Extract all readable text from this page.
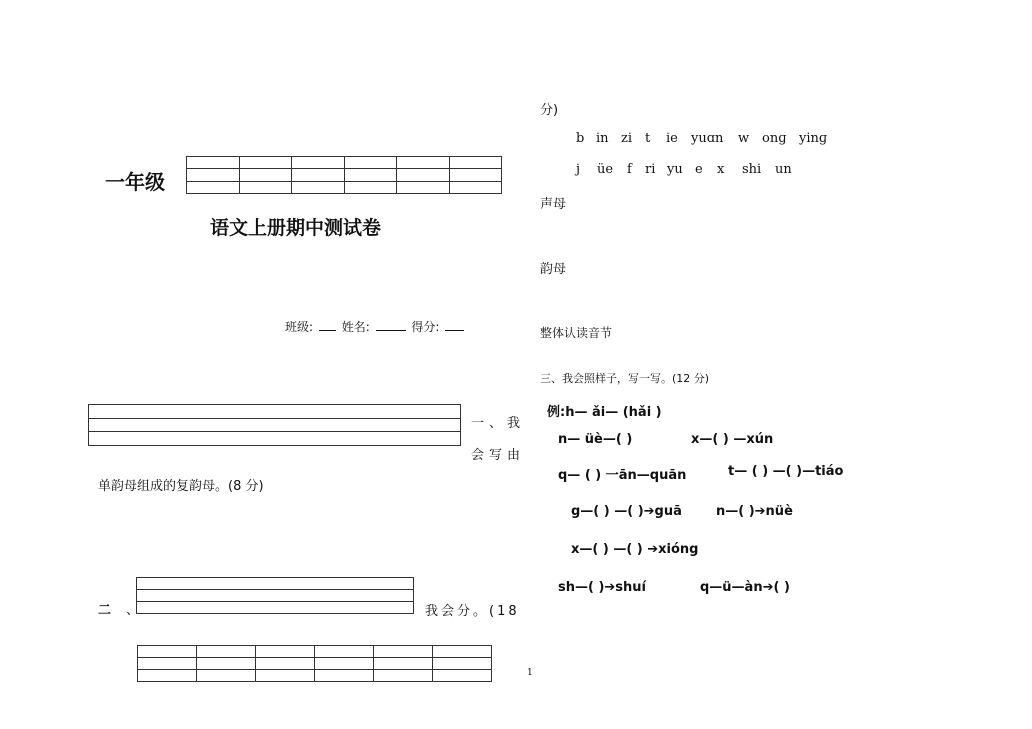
一年级

语文上册期中测试卷
班级: 姓名:	得分:

一、我
会写由
单韵母组成的复韵母。(8 分)
二 、	我会分。(18

1
分)
b in zi t ie yuɑn w onɡ yinɡ
j üe f ri yu e x shi un
声母
韵母
整体认读音节
三、我会照样子，写一写。(12 分)
例:h— ǎi— (hǎi )
n— üè—( )	x—( ) —xún
q— ( ) 一ān—quān	t— ( ) —( )—tiáo
g—( ) —( )➔guā	n—( )➔nüè
x—( ) —( ) ➔xióng
sh—( )➔shuí	q—ü—àn➔( )
